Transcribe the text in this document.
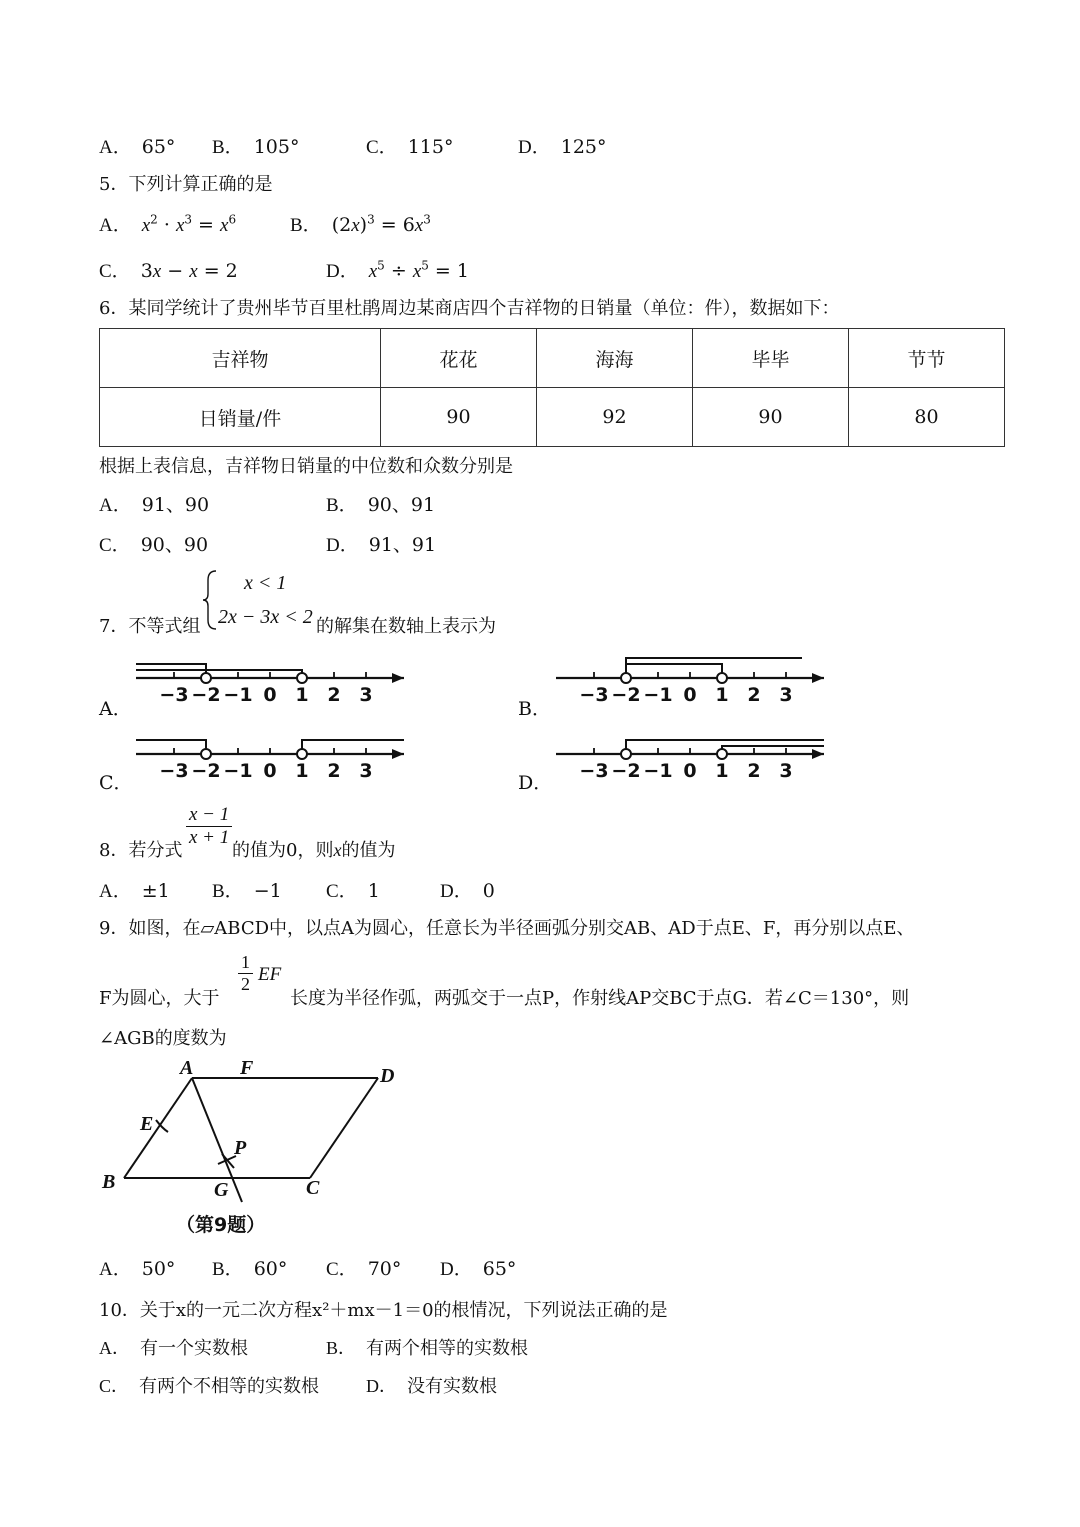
A． 65° B． 105°	C． 115°	D． 125°
5．下列计算正确的是
A． $x^2 \cdot x^3 = x^6$	B． $(2x)^3 = 6x^3$
C． 3x − x = 2	D． $x^5 \div x^5 = 1$
6．某同学统计了贵州毕节百里杜鹃周边某商店四个吉祥物的日销量（单位：件），数据如下：
吉祥物	花花	海海	毕毕	节节
日销量/件	90	92	90	80
根据上表信息，吉祥物日销量的中位数和众数分别是
A． 91、90	B． 90、91
C． 90、90	D． 91、91
7．不等式组
x < 1
2x − 3x < 2 的解集在数轴上表示为
A．	B．
C．	D．
−3 −2 −1 0 1 2 3	−3 −2 −1 0 1 2 3
−3 −2 −1 0 1 2 3	−3 −2 −1 0 1 2 3
8．若分式
$\frac{x - 1}{x + 1}$
的值为0，则x的值为
A． ±1 B． −1 C． 1	D． 0
9．如图，在▱ABCD中，以点A为圆心，任意长为半径画弧分别交AB、AD于点E、F，再分别以点E、
F为圆心，大于
$\frac{1}{2}$ EF
长度为半径作弧，两弧交于一点P，作射线AP交BC于点G．若∠C＝130°，则
∠AGB的度数为
A F	D
E
P
B	G	C
（第9题）
A． 50° B． 60° C． 70° D． 65°
10．关于x的一元二次方程x²＋mx－1＝0的根情况，下列说法正确的是
A． 有一个实数根	B． 有两个相等的实数根
C． 有两个不相等的实数根	D． 没有实数根
